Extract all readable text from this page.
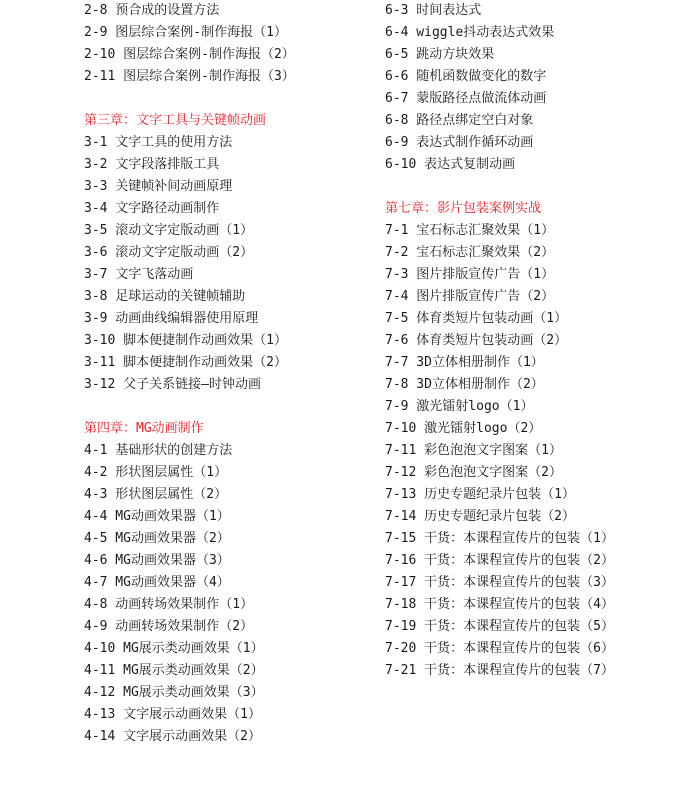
2-8 预合成的设置方法
2-9 图层综合案例-制作海报（1）
2-10 图层综合案例-制作海报（2）
2-11 图层综合案例-制作海报（3）
第三章：文字工具与关键帧动画
3-1 文字工具的使用方法
3-2 文字段落排版工具
3-3 关键帧补间动画原理
3-4 文字路径动画制作
3-5 滚动文字定版动画（1）
3-6 滚动文字定版动画（2）
3-7 文字飞落动画
3-8 足球运动的关键帧辅助
3-9 动画曲线编辑器使用原理
3-10 脚本便捷制作动画效果（1）
3-11 脚本便捷制作动画效果（2）
3-12 父子关系链接—时钟动画
第四章：MG动画制作
4-1 基础形状的创建方法
4-2 形状图层属性（1）
4-3 形状图层属性（2）
4-4 MG动画效果器（1）
4-5 MG动画效果器（2）
4-6 MG动画效果器（3）
4-7 MG动画效果器（4）
4-8 动画转场效果制作（1）
4-9 动画转场效果制作（2）
4-10 MG展示类动画效果（1）
4-11 MG展示类动画效果（2）
4-12 MG展示类动画效果（3）
4-13 文字展示动画效果（1）
4-14 文字展示动画效果（2）
6-3 时间表达式
6-4 wiggle抖动表达式效果
6-5 跳动方块效果
6-6 随机函数做变化的数字
6-7 蒙版路径点做流体动画
6-8 路径点绑定空白对象
6-9 表达式制作循环动画
6-10 表达式复制动画
第七章：影片包装案例实战
7-1 宝石标志汇聚效果（1）
7-2 宝石标志汇聚效果（2）
7-3 图片排版宣传广告（1）
7-4 图片排版宣传广告（2）
7-5 体育类短片包装动画（1）
7-6 体育类短片包装动画（2）
7-7 3D立体相册制作（1）
7-8 3D立体相册制作（2）
7-9 激光镭射logo（1）
7-10 激光镭射logo（2）
7-11 彩色泡泡文字图案（1）
7-12 彩色泡泡文字图案（2）
7-13 历史专题纪录片包装（1）
7-14 历史专题纪录片包装（2）
7-15 干货：本课程宣传片的包装（1）
7-16 干货：本课程宣传片的包装（2）
7-17 干货：本课程宣传片的包装（3）
7-18 干货：本课程宣传片的包装（4）
7-19 干货：本课程宣传片的包装（5）
7-20 干货：本课程宣传片的包装（6）
7-21 干货：本课程宣传片的包装（7）
